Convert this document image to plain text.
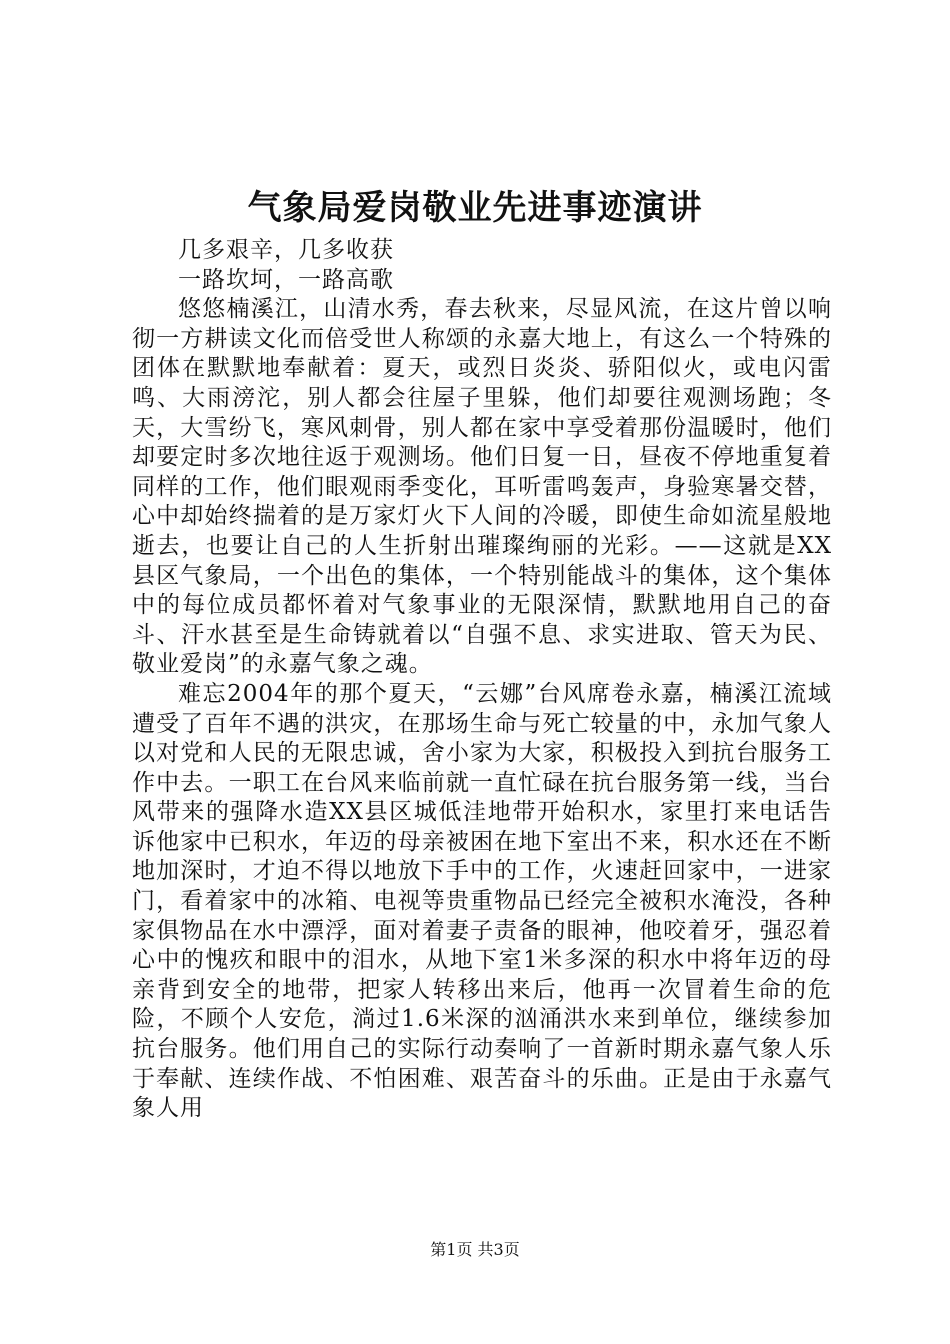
气象局爱岗敬业先进事迹演讲

几多艰辛，几多收获

一路坎坷，一路高歌

悠悠楠溪江，山清水秀，春去秋来，尽显风流，在这片曾以响彻一方耕读文化而倍受世人称颂的永嘉大地上，有这么一个特殊的团体在默默地奉献着：夏天，或烈日炎炎、骄阳似火，或电闪雷鸣、大雨滂沱，别人都会往屋子里躲，他们却要往观测场跑；冬天，大雪纷飞，寒风刺骨，别人都在家中享受着那份温暖时，他们却要定时多次地往返于观测场。他们日复一日，昼夜不停地重复着同样的工作，他们眼观雨季变化，耳听雷鸣轰声，身验寒暑交替，心中却始终揣着的是万家灯火下人间的冷暖，即使生命如流星般地逝去，也要让自己的人生折射出璀璨绚丽的光彩。——这就是XX县区气象局，一个出色的集体，一个特别能战斗的集体，这个集体中的每位成员都怀着对气象事业的无限深情，默默地用自己的奋斗、汗水甚至是生命铸就着以“自强不息、求实进取、管天为民、敬业爱岗”的永嘉气象之魂。

难忘2004年的那个夏天，“云娜”台风席卷永嘉，楠溪江流域遭受了百年不遇的洪灾，在那场生命与死亡较量的中，永加气象人以对党和人民的无限忠诚，舍小家为大家，积极投入到抗台服务工作中去。一职工在台风来临前就一直忙碌在抗台服务第一线，当台风带来的强降水造XX县区城低洼地带开始积水，家里打来电话告诉他家中已积水，年迈的母亲被困在地下室出不来，积水还在不断地加深时，才迫不得以地放下手中的工作，火速赶回家中，一进家门，看着家中的冰箱、电视等贵重物品已经完全被积水淹没，各种家俱物品在水中漂浮，面对着妻子责备的眼神，他咬着牙，强忍着心中的愧疚和眼中的泪水，从地下室1米多深的积水中将年迈的母亲背到安全的地带，把家人转移出来后，他再一次冒着生命的危险，不顾个人安危，淌过1.6米深的汹涌洪水来到单位，继续参加抗台服务。他们用自己的实际行动奏响了一首新时期永嘉气象人乐于奉献、连续作战、不怕困难、艰苦奋斗的乐曲。正是由于永嘉气象人用

第1页 共3页
